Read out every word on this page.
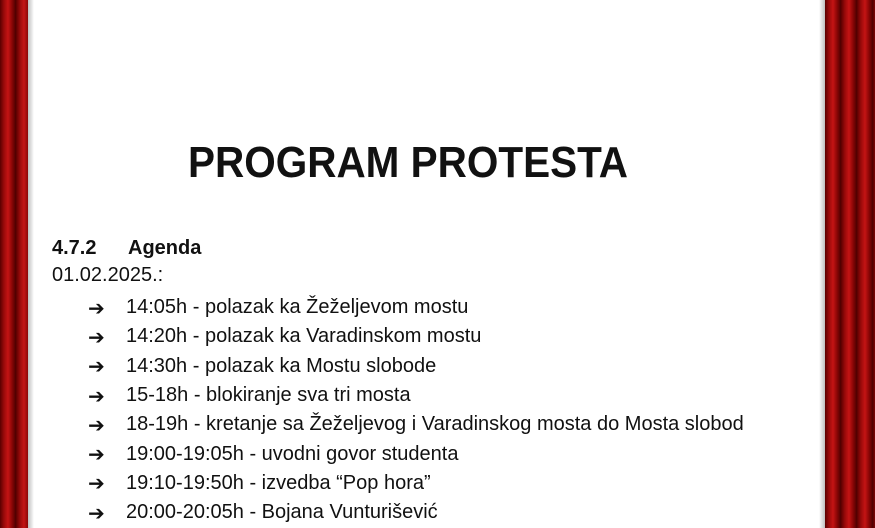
PROGRAM PROTESTA
4.7.2 Agenda
01.02.2025.:
➔	14:05h - polazak ka Žeželjevom mostu
➔	14:20h - polazak ka Varadinskom mostu
➔	14:30h - polazak ka Mostu slobode
➔	15-18h - blokiranje sva tri mosta
➔	18-19h - kretanje sa Žeželjevog i Varadinskog mosta do Mosta slobod
➔	19:00-19:05h - uvodni govor studenta
➔	19:10-19:50h - izvedba “Pop hora”
➔	20:00-20:05h - Bojana Vunturišević
